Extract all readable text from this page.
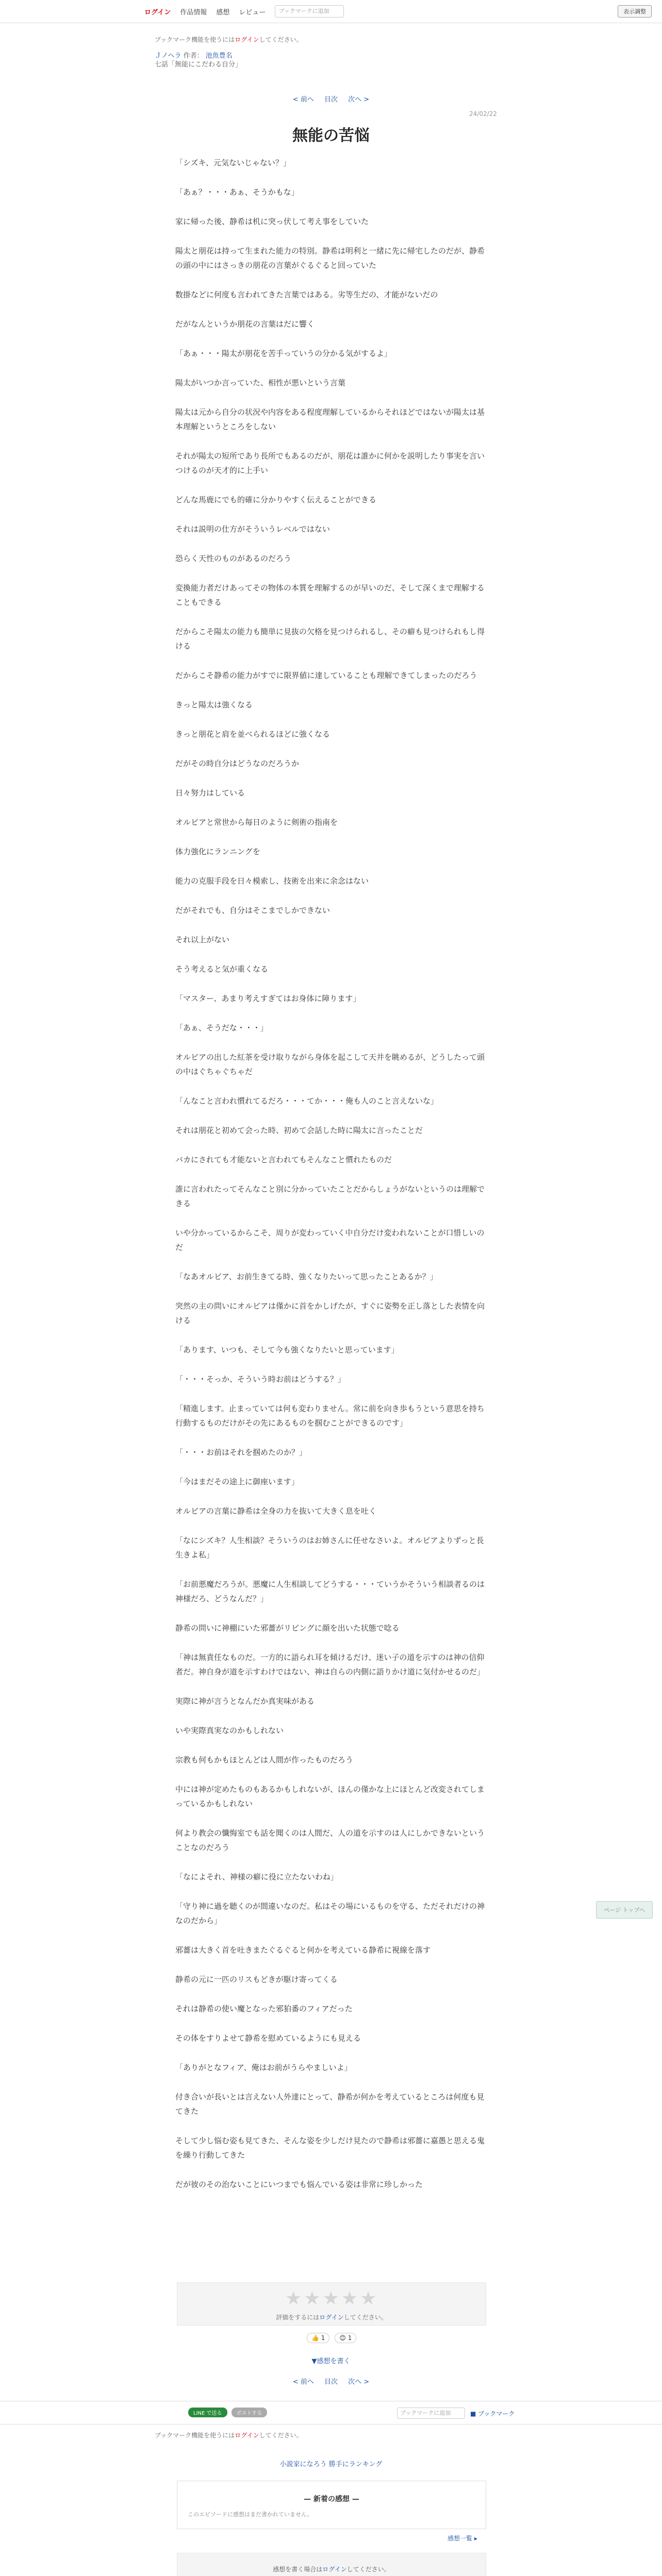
ログイン 作品情報 感想 レビュー	ブックマークに追加	表示調整
ブックマーク機能を使うにはログインしてください。
Ｊノヘラ 作者： 池魚豊名
七話「無能にこだわる自分」
< 前へ 目次 次へ >
24/02/22
無能の苦悩

「シズキ、元気ないじゃない？」

「あぁ？・・・あぁ、そうかもな」

家に帰った後、静希は机に突っ伏して考え事をしていた

陽太と朋花は持って生まれた能力の特別。静希は明利と一緒に先に帰宅したのだが、静希の頭の中にはさっきの朋花の言葉がぐるぐると回っていた

数掛などに何度も言われてきた言葉ではある。劣等生だの、才能がないだの

だがなんというか朋花の言葉はだに響く

「あぁ・・・陽太が朋花を苦手っていうの分かる気がするよ」

陽太がいつか言っていた、相性が悪いという言葉

陽太は元から自分の状況や内容をある程度理解しているからそれほどではないが陽太は基本理解というところをしない

それが陽太の短所であり長所でもあるのだが、朋花は誰かに何かを説明したり事実を言いつけるのが天才的に上手い

どんな馬鹿にでも的確に分かりやすく伝えることができる

それは説明の仕方がそういうレベルではない

恐らく天性のものがあるのだろう

変換能力者だけあってその物体の本質を理解するのが早いのだ、そして深くまで理解することもできる

だからこそ陽太の能力も簡単に見抜の欠格を見つけられるし、その癖も見つけられもし得ける

だからこそ静希の能力がすでに限界値に達していることも理解できてしまったのだろう

きっと陽太は強くなる

きっと朋花と肩を並べられるほどに強くなる

だがその時自分はどうなのだろうか

日々努力はしている

オルビアと常世から毎日のように剣術の指南を

体力強化にランニングを

能力の克服手段を日々模索し、技術を出来に余念はない

だがそれでも、自分はそこまでしかできない

それ以上がない

そう考えると気が重くなる

「マスター、あまり考えすぎてはお身体に障ります」

「あぁ、そうだな・・・」

オルビアの出した紅茶を受け取りながら身体を起こして天井を眺めるが、どうしたって頭の中はぐちゃぐちゃだ

「んなこと言われ慣れてるだろ・・・てか・・・俺も人のこと言えないな」

それは朋花と初めて会った時、初めて会話した時に陽太に言ったことだ

バカにされても才能ないと言われてもそんなこと慣れたものだ

誰に言われたってそんなこと別に分かっていたことだからしょうがないというのは理解できる

いや分かっているからこそ、周りが変わっていく中自分だけ変われないことが口惜しいのだ

「なあオルビア、お前生きてる時、強くなりたいって思ったことあるか？」

突然の主の問いにオルビアは僅かに首をかしげたが、すぐに姿勢を正し落とした表情を向ける

「あります、いつも、そして今も強くなりたいと思っています」

「・・・そっか、そういう時お前はどうする？」

「精進します。止まっていては何も変わりません。常に前を向き歩もうという意思を持ち行動するものだけがその先にあるものを掴むことができるのです」

「・・・お前はそれを掴めたのか？」

「今はまだその途上に御座います」

オルビアの言葉に静希は全身の力を抜いて大きく息を吐く

「なにシズキ？人生相談？そういうのはお姉さんに任せなさいよ。オルビアよりずっと長生きよ私」

「お前悪魔だろうが。悪魔に人生相談してどうする・・・ていうかそういう相談者るのは神様だろ、どうなんだ？」

静希の問いに神棚にいた邪薔がリビングに顔を出いた状態で唸る

「神は無責任なものだ。一方的に語られ耳を傾けるだけ、迷い子の道を示すのは神の信仰者だ。神自身が道を示すわけではない、神は自らの内側に語りかけ道に気付かせるのだ」

実際に神が言うとなんだか真実味がある

いや実際真実なのかもしれない

宗教も何もかもほとんどは人間が作ったものだろう

中には神が定めたものもあるかもしれないが、ほんの僅かな上にほとんど改変されてしまっているかもしれない

何より教会の懺悔室でも話を聞くのは人間だ、人の道を示すのは人にしかできないということなのだろう

「なによそれ、神様の癖に役に立たないわね」

「守り神に過を聴くのが間違いなのだ。私はその場にいるものを守る、ただそれだけの神なのだから」

邪薔は大きく首を吐きまたぐるぐると何かを考えている静希に視線を落す

静希の元に一匹のリスもどきが駆け寄ってくる

それは静希の使い魔となった邪狛番のフィアだった

その体をすりよせて静希を慰めているようにも見える

「ありがとなフィア、俺はお前がうらやましいよ」

付き合いが長いとは言えない人外達にとって、静希が何かを考えているところは何度も見てきた

そして少し悩む姿も見てきた、そんな姿を少しだけ見たので静希は邪薔に嘉愚と思える鬼を繰り行動してきた

だが彼のその治ないことにいつまでも悩んでいる姿は非常に珍しかった

ページ トップへ
★★★★★
評価をするにはログインしてください。
👍 1	😊 1
▼感想を書く
< 前へ 目次 次へ >
LINE で送る	ポストする	ブックマークに追加	■ ブックマーク
ブックマーク機能を使うにはログインしてください。
小説家になろう 勝手にランキング
— 新着の感想 —
このエピソードに感想はまだ書かれていません。
感想一覧 ▸
感想を書く場合はログインしてください。
